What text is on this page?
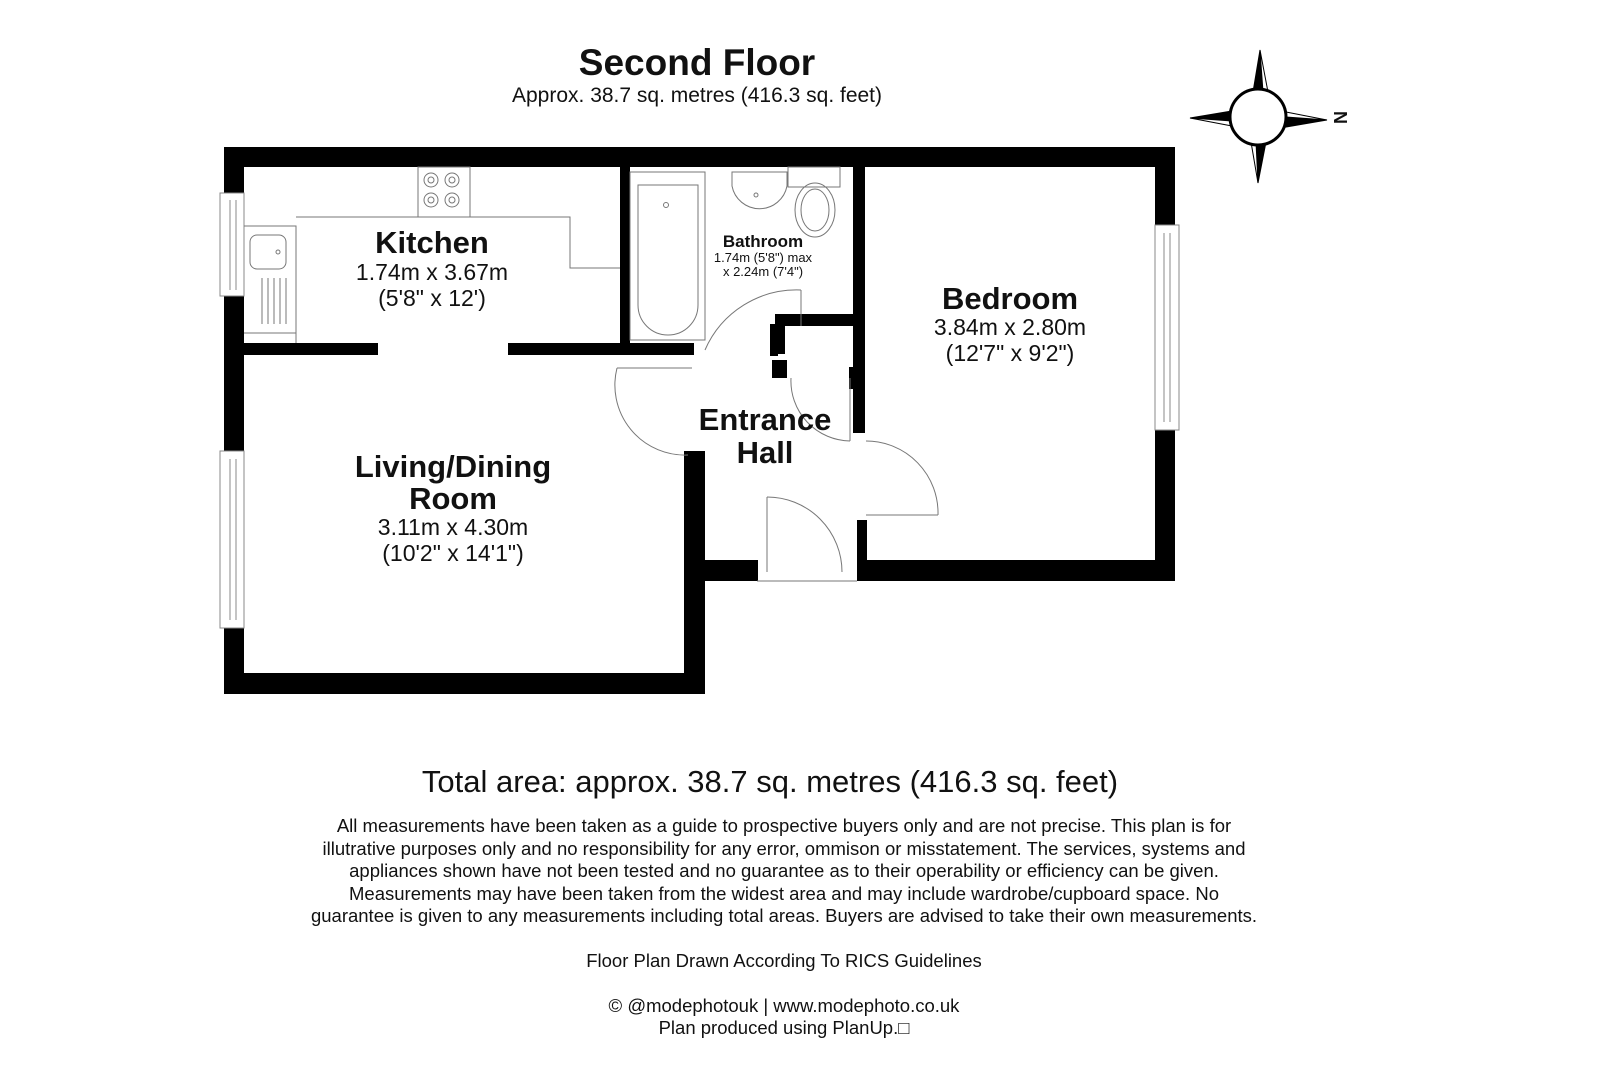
Second Floor
Approx. 38.7 sq. metres (416.3 sq. feet)
N
Kitchen
1.74m x 3.67m
(5'8" x 12')
Bathroom
1.74m (5'8") max
x 2.24m (7'4")
Bedroom
3.84m x 2.80m
(12'7" x 9'2")
Entrance
Hall
Living/Dining
Room
3.11m x 4.30m
(10'2" x 14'1")
Total area: approx. 38.7 sq. metres (416.3 sq. feet)
All measurements have been taken as a guide to prospective buyers only and are not precise. This plan is for
illutrative purposes only and no responsibility for any error, ommison or misstatement. The services, systems and
appliances shown have not been tested and no guarantee as to their operability or efficiency can be given.
Measurements may have been taken from the widest area and may include wardrobe/cupboard space. No
guarantee is given to any measurements including total areas. Buyers are advised to take their own measurements.
Floor Plan Drawn According To RICS Guidelines
© @modephotouk | www.modephoto.co.uk
Plan produced using PlanUp.□
